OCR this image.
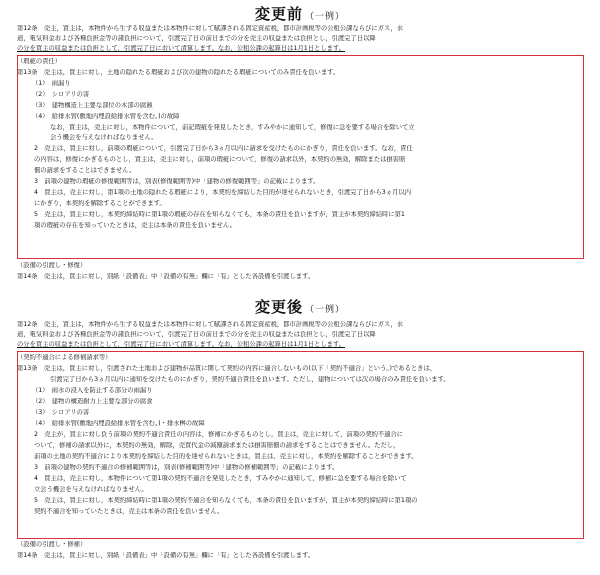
変更前 （一例）
第12条　売主，買主は，本物件から生ずる収益または本物件に対して賦課される固定資産税，都市計画税等の公租公課ならびにガス，水
道，電気料金および各種負担金等の諸負担について，引渡完了日の前日までの分を売主の収益または負担とし，引渡完了日以降
の分を買主の収益または負担として，引渡完了日において清算します。なお，公租公課の起算日は1月1日とします。
（瑕疵の責任）
第13条　売主は，買主に対し，土地の隠れたる瑕疵および次の建物の隠れたる瑕疵についてのみ責任を負います。
（1）　雨漏り
（2）　シロアリの害
（3）　建物構造上主要な部位の木部の腐蝕
（4）　給排水管(敷地内埋設給排水管を含む。)の故障
なお，買主は，売主に対し，本物件について，前記瑕疵を発見したとき，すみやかに通知して，修復に急を要する場合を除いて立
会う機会を与えなければなりません。
2　売主は，買主に対し，前項の瑕疵について，引渡完了日から3ヵ月以内に請求を受けたものにかぎり，責任を負います。なお，責任
の内容は，修復にかぎるものとし，買主は，売主に対し，前項の瑕疵について，修復の請求以外，本契約の無効，解除または損害賠
償の請求をすることはできません。
3　前項の建物の瑕疵の修復範囲等は，別表(修復範囲等)中「建物の修復範囲等」の記載によります。
4　買主は，売主に対し，第1項の土地の隠れたる瑕疵により，本契約を締結した目的が達せられないとき，引渡完了日から3ヵ月以内
にかぎり，本契約を解除することができます。
5　売主は，買主に対し，本契約締結時に第1項の瑕疵の存在を知らなくても，本条の責任を負いますが，買主が本契約締結時に第1
項の瑕疵の存在を知っていたときは，売主は本条の責任を負いません。
（設備の引渡し・修復）
第14条　売主は，買主に対し，別紙「設備表」中「設備の有無」欄に「有」とした各設備を引渡します。
変更後 （一例）
第12条　売主，買主は，本物件から生ずる収益または本物件に対して賦課される固定資産税，都市計画税等の公租公課ならびにガス，水
道，電気料金および各種負担金等の諸負担について，引渡完了日の前日までの分を売主の収益または負担とし，引渡完了日以降
の分を買主の収益または負担として，引渡完了日において清算します。なお，公租公課の起算日は1月1日とします。
（契約不適合による修補請求等）
第13条　売主は，買主に対し，引渡された土地および建物が品質に関して契約の内容に適合しないもの(以下「契約不適合」という。)であるときは，
引渡完了日から3ヵ月以内に通知を受けたものにかぎり，契約不適合責任を負います。ただし，建物については次の場合のみ責任を負います。
（1）　雨水の浸入を防止する部分の雨漏り
（2）　建物の構造耐力上主要な部分の腐食
（3）　シロアリの害
（4）　給排水管(敷地内埋設給排水管を含む。)・排水桝の故障
2　売主が，買主に対し負う前項の契約不適合責任の内容は，修補にかぎるものとし，買主は，売主に対して，前項の契約不適合に
ついて，修補の請求以外に，本契約の無効，解除，売買代金の減額請求または損害賠償の請求をすることはできません。ただし，
前項の土地の契約不適合により本契約を締結した目的を達せられないときは，買主は，売主に対し，本契約を解除することができます。
3　前項の建物の契約不適合の修補範囲等は，別表(修補範囲等)中「建物の修補範囲等」の記載によります。
4　買主は，売主に対し，本物件について第1項の契約不適合を発見したとき，すみやかに通知して，修補に急を要する場合を除いて
立会う機会を与えなければなりません。
5　売主は，買主に対し，本契約締結時に第1項の契約不適合を知らなくても，本条の責任を負いますが，買主が本契約締結時に第1項の
契約不適合を知っていたときは，売主は本条の責任を負いません。
（設備の引渡し・修補）
第14条　売主は，買主に対し，別紙「設備表」中「設備の有無」欄に「有」とした各設備を引渡します。
